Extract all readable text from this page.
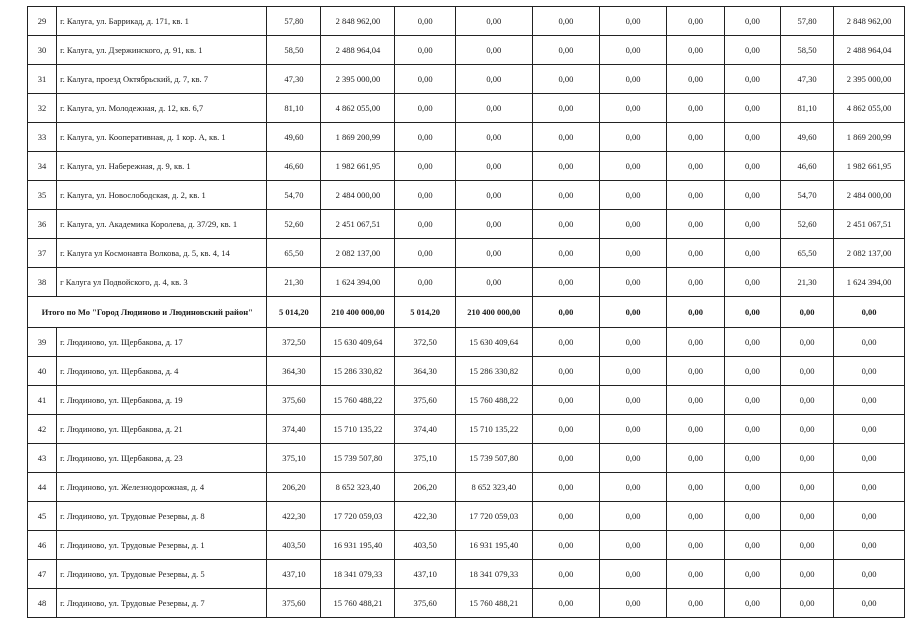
29	г. Калуга, ул. Баррикад, д. 171, кв. 1	57,80	2 848 962,00	0,00	0,00	0,00	0,00	0,00	0,00	57,80	2 848 962,00
30	г. Калуга, ул. Дзержинского, д. 91, кв. 1	58,50	2 488 964,04	0,00	0,00	0,00	0,00	0,00	0,00	58,50	2 488 964,04
31	г. Калуга, проезд Октябрьский, д. 7, кв. 7	47,30	2 395 000,00	0,00	0,00	0,00	0,00	0,00	0,00	47,30	2 395 000,00
32	г. Калуга, ул. Молодежная, д. 12, кв. 6,7	81,10	4 862 055,00	0,00	0,00	0,00	0,00	0,00	0,00	81,10	4 862 055,00
33	г. Калуга, ул. Кооперативная, д. 1 кор. А, кв. 1	49,60	1 869 200,99	0,00	0,00	0,00	0,00	0,00	0,00	49,60	1 869 200,99
34	г. Калуга, ул. Набережная, д. 9, кв. 1	46,60	1 982 661,95	0,00	0,00	0,00	0,00	0,00	0,00	46,60	1 982 661,95
35	г. Калуга, ул. Новослободская, д. 2, кв. 1	54,70	2 484 000,00	0,00	0,00	0,00	0,00	0,00	0,00	54,70	2 484 000,00
36	г. Калуга, ул. Академика Королева, д. 37/29, кв. 1	52,60	2 451 067,51	0,00	0,00	0,00	0,00	0,00	0,00	52,60	2 451 067,51
37	г. Калуга ул Космонавта Волкова, д. 5, кв. 4, 14	65,50	2 082 137,00	0,00	0,00	0,00	0,00	0,00	0,00	65,50	2 082 137,00
38	г Калуга ул Подвойского, д. 4, кв. 3	21,30	1 624 394,00	0,00	0,00	0,00	0,00	0,00	0,00	21,30	1 624 394,00
Итого по Мо "Город Людиново и Людиновский район"		5 014,20	210 400 000,00	5 014,20	210 400 000,00	0,00	0,00	0,00	0,00	0,00	0,00
39	г. Людиново, ул. Щербакова, д. 17	372,50	15 630 409,64	372,50	15 630 409,64	0,00	0,00	0,00	0,00	0,00	0,00
40	г. Людиново, ул. Щербакова, д. 4	364,30	15 286 330,82	364,30	15 286 330,82	0,00	0,00	0,00	0,00	0,00	0,00
41	г. Людиново, ул. Щербакова, д. 19	375,60	15 760 488,22	375,60	15 760 488,22	0,00	0,00	0,00	0,00	0,00	0,00
42	г. Людиново, ул. Щербакова, д. 21	374,40	15 710 135,22	374,40	15 710 135,22	0,00	0,00	0,00	0,00	0,00	0,00
43	г. Людиново, ул. Щербакова, д. 23	375,10	15 739 507,80	375,10	15 739 507,80	0,00	0,00	0,00	0,00	0,00	0,00
44	г. Людиново, ул. Железнодорожная, д. 4	206,20	8 652 323,40	206,20	8 652 323,40	0,00	0,00	0,00	0,00	0,00	0,00
45	г. Людиново, ул. Трудовые Резервы, д. 8	422,30	17 720 059,03	422,30	17 720 059,03	0,00	0,00	0,00	0,00	0,00	0,00
46	г. Людиново, ул. Трудовые Резервы, д. 1	403,50	16 931 195,40	403,50	16 931 195,40	0,00	0,00	0,00	0,00	0,00	0,00
47	г. Людиново, ул. Трудовые Резервы, д. 5	437,10	18 341 079,33	437,10	18 341 079,33	0,00	0,00	0,00	0,00	0,00	0,00
48	г. Людиново, ул. Трудовые Резервы, д. 7	375,60	15 760 488,21	375,60	15 760 488,21	0,00	0,00	0,00	0,00	0,00	0,00
